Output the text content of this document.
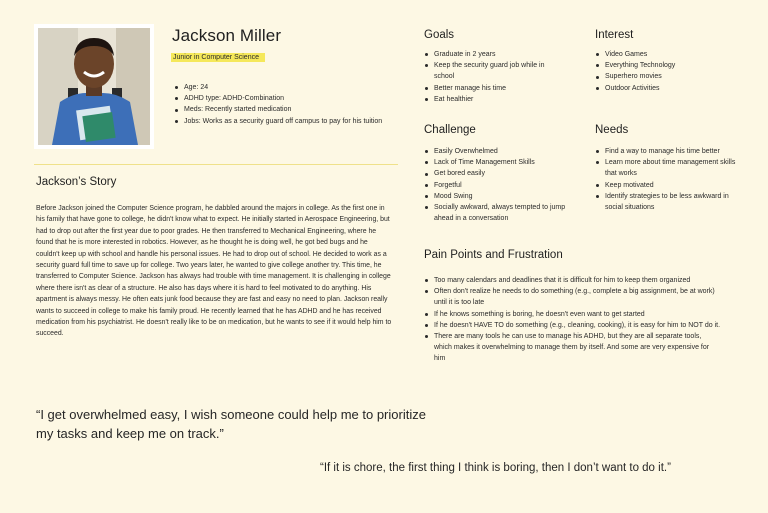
Jackson Miller
Junior in Computer Science
Age: 24
ADHD type: ADHD-Combination
Meds: Recently started medication
Jobs: Works as a security guard off campus to pay for his tuition
Jackson’s Story
Before Jackson joined the Computer Science program, he dabbled around the majors in college. As the first one in his family that have gone to college, he didn't know what to expect. He initially started in Aerospace Engineering, but had to drop out after the first year due to poor grades. He then transferred to Mechanical Engineering, where he found that he is more interested in robotics. However, as he thought he is doing well, he got bed bugs and he couldn't keep up with school and handle his personal issues. He had to drop out of school. He decided to work as a security guard full time to save up for college. Two years later, he wanted to give college another try. This time, he transferred to Computer Science. Jackson has always had trouble with time management. It is challenging in college where there isn't as clear of a structure. He also has days where it is hard to feel motivated to do anything. His apartment is always messy. He often eats junk food because they are fast and easy no need to plan. Jackson really wants to succeed in college to make his family proud. He recently learned that he has ADHD and he has received medication from his psychiatrist. He doesn't really like to be on medication, but he wants to see if it would help him to succeed.
Goals
Graduate in 2 years
Keep the security guard job while in school
Better manage his time
Eat healthier
Interest
Video Games
Everything Technology
Superhero movies
Outdoor Activities
Challenge
Easily Overwhelmed
Lack of Time Management Skills
Get bored easily
Forgetful
Mood Swing
Socially awkward, always tempted to jump ahead in a conversation
Needs
Find a way to manage his time better
Learn more about time management skills that works
Keep motivated
Identify strategies to be less awkward in social situations
Pain Points and Frustration
Too many calendars and deadlines that it is difficult for him to keep them organized
Often don't realize he needs to do something (e.g., complete a big assignment, be at work) until it is too late
If he knows something is boring, he doesn't even want to get started
If he doesn't HAVE TO do something (e.g., cleaning, cooking), it is easy for him to NOT do it.
There are many tools he can use to manage his ADHD, but they are all separate tools, which makes it overwhelming to manage them by itself. And some are very expensive for him
“I get overwhelmed easy, I wish someone could help me to prioritize my tasks and keep me on track.”
“If it is chore, the first thing I think is boring, then I don’t want to do it.”
